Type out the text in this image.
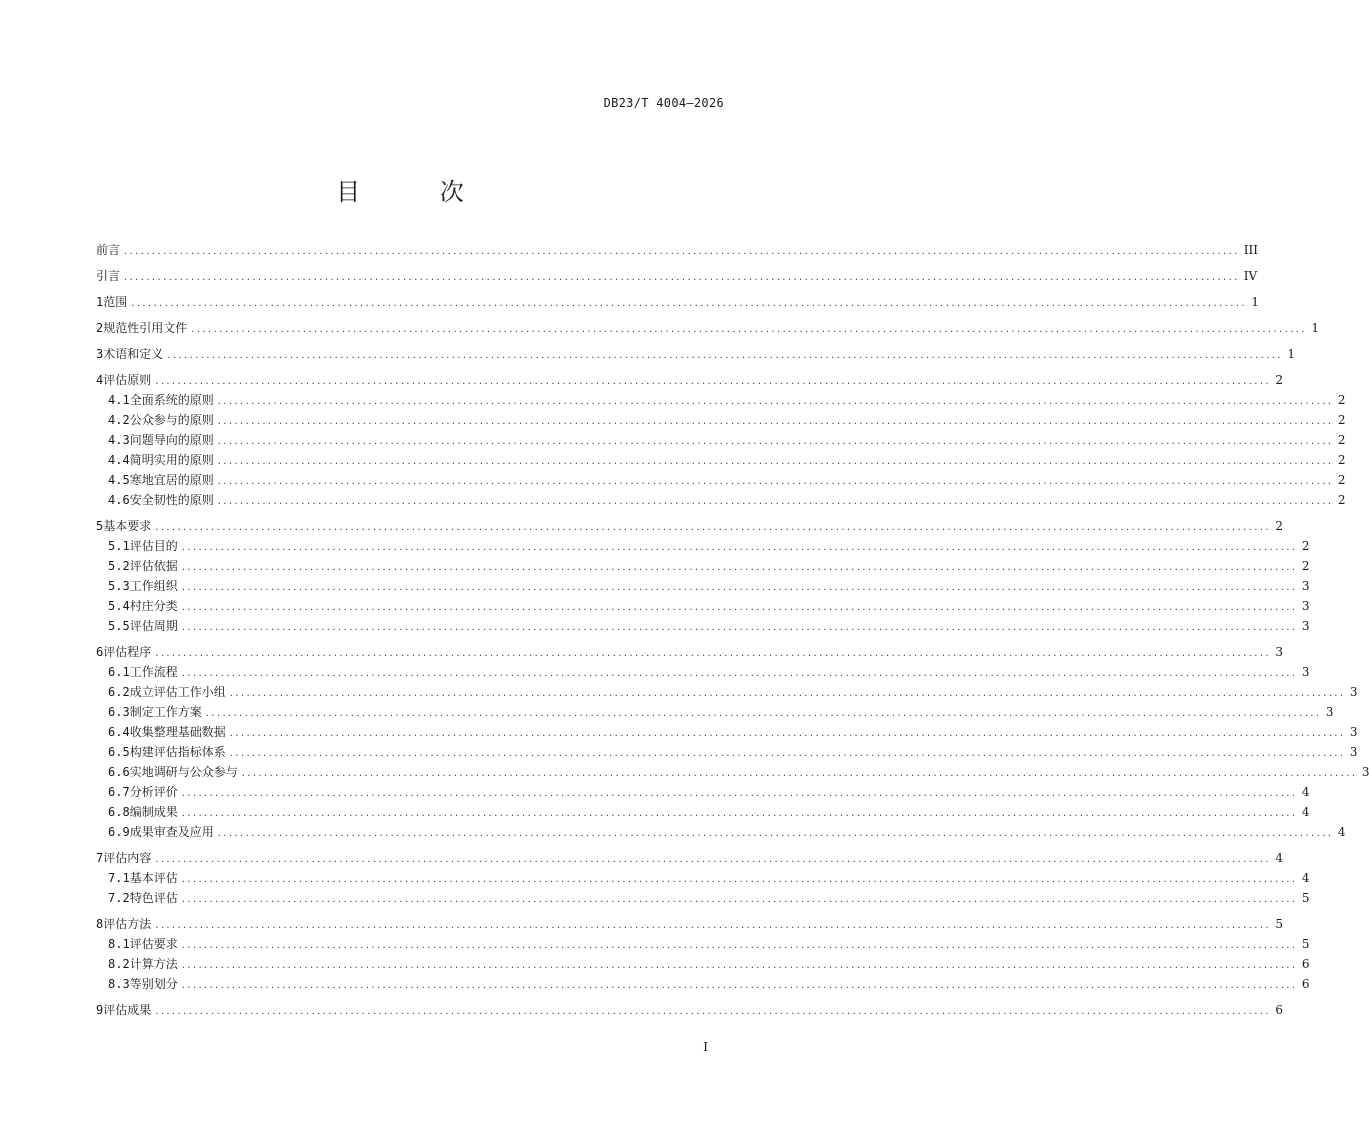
DB23/T 4004—2026
目 次
前言 ........................................................................................................................................................................................................ III
引言 ........................................................................................................................................................................................................ IV
1 范围 ........................................................................................................................................................................................................ 1
2 规范性引用文件 ........................................................................................................................................................................................................ 1
3 术语和定义 ........................................................................................................................................................................................................ 1
4 评估原则 ........................................................................................................................................................................................................ 2
4.1 全面系统的原则 ........................................................................................................................................................................................................ 2
4.2 公众参与的原则 ........................................................................................................................................................................................................ 2
4.3 问题导向的原则 ........................................................................................................................................................................................................ 2
4.4 简明实用的原则 ........................................................................................................................................................................................................ 2
4.5 寒地宜居的原则 ........................................................................................................................................................................................................ 2
4.6 安全韧性的原则 ........................................................................................................................................................................................................ 2
5 基本要求 ........................................................................................................................................................................................................ 2
5.1 评估目的 ........................................................................................................................................................................................................ 2
5.2 评估依据 ........................................................................................................................................................................................................ 2
5.3 工作组织 ........................................................................................................................................................................................................ 3
5.4 村庄分类 ........................................................................................................................................................................................................ 3
5.5 评估周期 ........................................................................................................................................................................................................ 3
6 评估程序 ........................................................................................................................................................................................................ 3
6.1 工作流程 ........................................................................................................................................................................................................ 3
6.2 成立评估工作小组 ........................................................................................................................................................................................................ 3
6.3 制定工作方案 ........................................................................................................................................................................................................ 3
6.4 收集整理基础数据 ........................................................................................................................................................................................................ 3
6.5 构建评估指标体系 ........................................................................................................................................................................................................ 3
6.6 实地调研与公众参与 ........................................................................................................................................................................................................ 3
6.7 分析评价 ........................................................................................................................................................................................................ 4
6.8 编制成果 ........................................................................................................................................................................................................ 4
6.9 成果审查及应用 ........................................................................................................................................................................................................ 4
7 评估内容 ........................................................................................................................................................................................................ 4
7.1 基本评估 ........................................................................................................................................................................................................ 4
7.2 特色评估 ........................................................................................................................................................................................................ 5
8 评估方法 ........................................................................................................................................................................................................ 5
8.1 评估要求 ........................................................................................................................................................................................................ 5
8.2 计算方法 ........................................................................................................................................................................................................ 6
8.3 等别划分 ........................................................................................................................................................................................................ 6
9 评估成果 ........................................................................................................................................................................................................ 6
I
